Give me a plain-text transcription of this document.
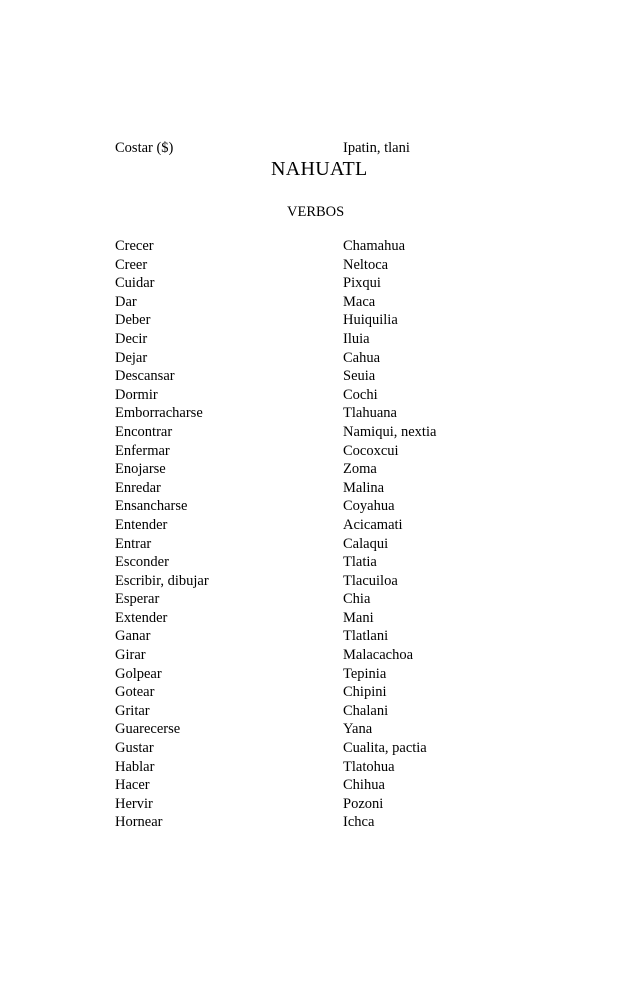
Costar ($)	Ipatin, tlani
NAHUATL
VERBOS
Crecer	Chamahua
Creer	Neltoca
Cuidar	Pixqui
Dar	Maca
Deber	Huiquilia
Decir	Iluia
Dejar	Cahua
Descansar	Seuia
Dormir	Cochi
Emborracharse	Tlahuana
Encontrar	Namiqui, nextia
Enfermar	Cocoxcui
Enojarse	Zoma
Enredar	Malina
Ensancharse	Coyahua
Entender	Acicamati
Entrar	Calaqui
Esconder	Tlatia
Escribir, dibujar	Tlacuiloa
Esperar	Chia
Extender	Mani
Ganar	Tlatlani
Girar	Malacachoa
Golpear	Tepinia
Gotear	Chipini
Gritar	Chalani
Guarecerse	Yana
Gustar	Cualita, pactia
Hablar	Tlatohua
Hacer	Chihua
Hervir	Pozoni
Hornear	Ichca
